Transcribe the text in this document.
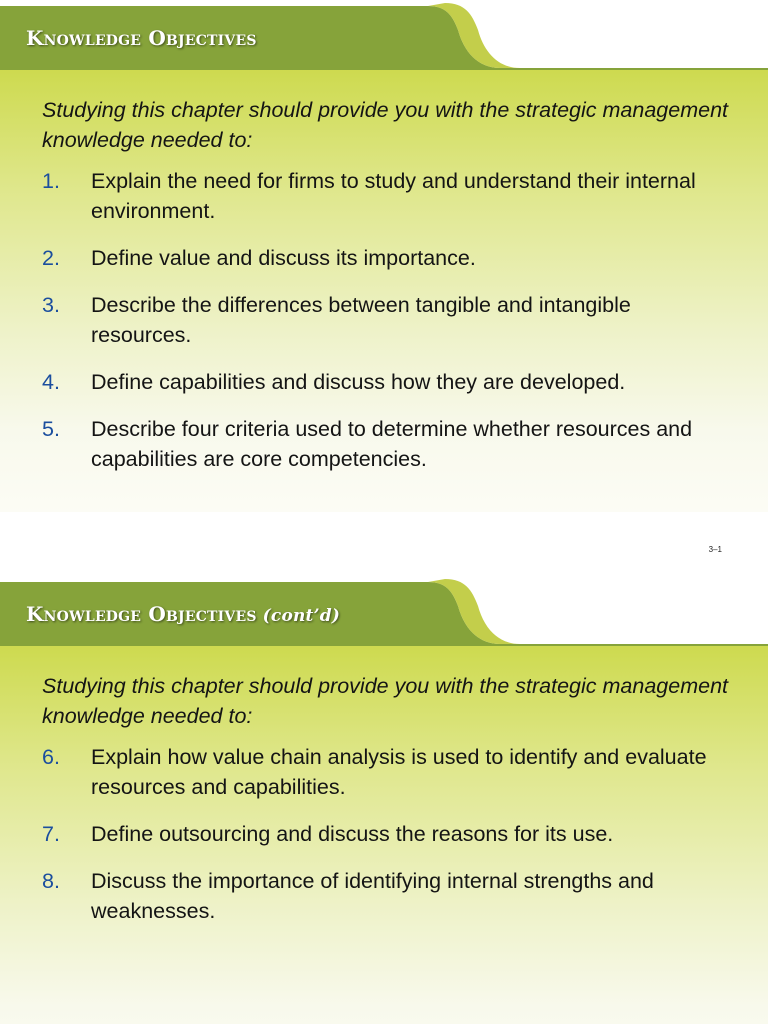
Knowledge Objectives

Studying this chapter should provide you with the strategic management knowledge needed to:

1. Explain the need for firms to study and understand their internal environment.
2. Define value and discuss its importance.
3. Describe the differences between tangible and intangible resources.
4. Define capabilities and discuss how they are developed.
5. Describe four criteria used to determine whether resources and capabilities are core competencies.
3–1
Knowledge Objectives (cont’d)

Studying this chapter should provide you with the strategic management knowledge needed to:

6. Explain how value chain analysis is used to identify and evaluate resources and capabilities.
7. Define outsourcing and discuss the reasons for its use.
8. Discuss the importance of identifying internal strengths and weaknesses.
